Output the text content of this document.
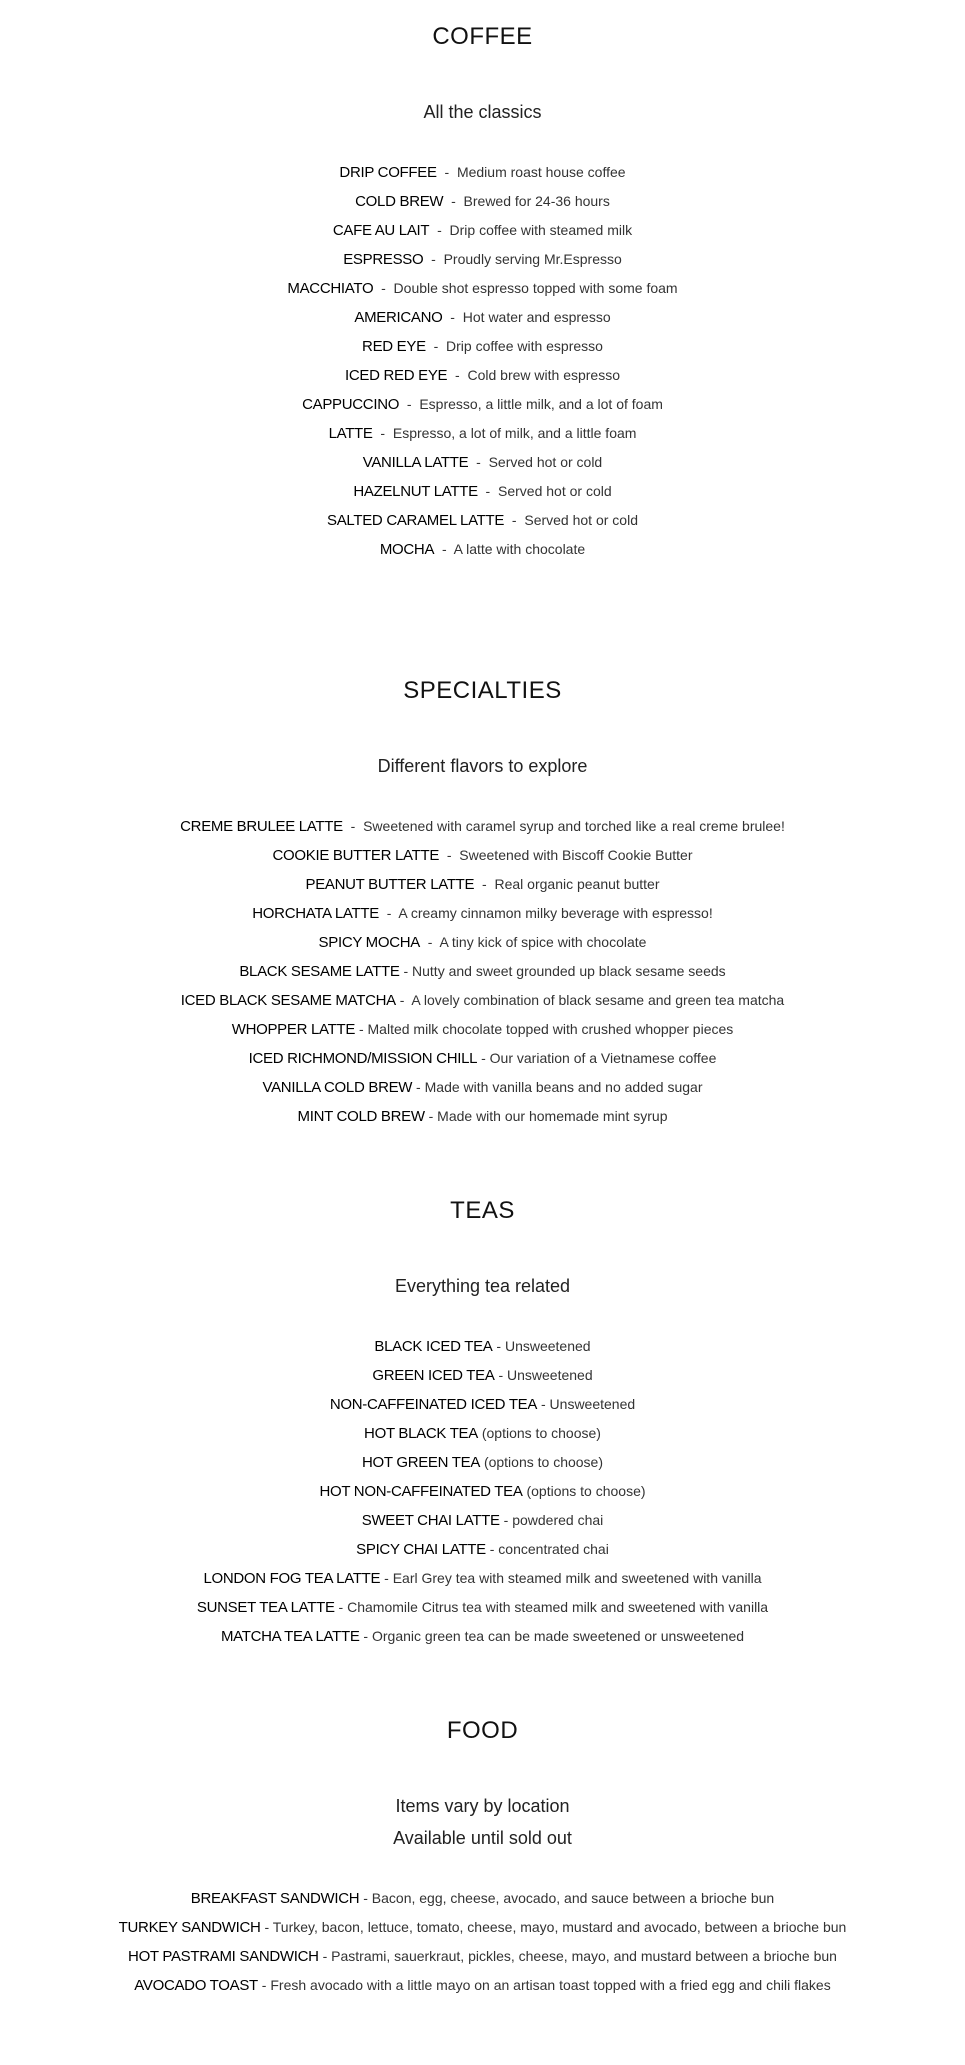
COFFEE

All the classics

DRIP COFFEE  -  Medium roast house coffee
COLD BREW  -  Brewed for 24-36 hours
CAFE AU LAIT  -  Drip coffee with steamed milk
ESPRESSO  -  Proudly serving Mr.Espresso
MACCHIATO  -  Double shot espresso topped with some foam
AMERICANO  -  Hot water and espresso
RED EYE  -  Drip coffee with espresso
ICED RED EYE  -  Cold brew with espresso
CAPPUCCINO  -  Espresso, a little milk, and a lot of foam
LATTE  -  Espresso, a lot of milk, and a little foam
VANILLA LATTE  -  Served hot or cold
HAZELNUT LATTE  -  Served hot or cold
SALTED CARAMEL LATTE  -  Served hot or cold
MOCHA  -  A latte with chocolate
SPECIALTIES

Different flavors to explore

CREME BRULEE LATTE  -  Sweetened with caramel syrup and torched like a real creme brulee!
COOKIE BUTTER LATTE  -  Sweetened with Biscoff Cookie Butter
PEANUT BUTTER LATTE  -  Real organic peanut butter
HORCHATA LATTE  -  A creamy cinnamon milky beverage with espresso!
SPICY MOCHA  -  A tiny kick of spice with chocolate
BLACK SESAME LATTE - Nutty and sweet grounded up black sesame seeds
ICED BLACK SESAME MATCHA -  A lovely combination of black sesame and green tea matcha
WHOPPER LATTE - Malted milk chocolate topped with crushed whopper pieces
ICED RICHMOND/MISSION CHILL - Our variation of a Vietnamese coffee
VANILLA COLD BREW - Made with vanilla beans and no added sugar
MINT COLD BREW - Made with our homemade mint syrup
TEAS

Everything tea related

BLACK ICED TEA - Unsweetened
GREEN ICED TEA - Unsweetened
NON-CAFFEINATED ICED TEA - Unsweetened
HOT BLACK TEA (options to choose)
HOT GREEN TEA (options to choose)
HOT NON-CAFFEINATED TEA (options to choose)
SWEET CHAI LATTE - powdered chai
SPICY CHAI LATTE - concentrated chai
LONDON FOG TEA LATTE - Earl Grey tea with steamed milk and sweetened with vanilla
SUNSET TEA LATTE - Chamomile Citrus tea with steamed milk and sweetened with vanilla
MATCHA TEA LATTE - Organic green tea can be made sweetened or unsweetened
FOOD

Items vary by location

Available until sold out

BREAKFAST SANDWICH - Bacon, egg, cheese, avocado, and sauce between a brioche bun
TURKEY SANDWICH - Turkey, bacon, lettuce, tomato, cheese, mayo, mustard and avocado, between a brioche bun
HOT PASTRAMI SANDWICH - Pastrami, sauerkraut, pickles, cheese, mayo, and mustard between a brioche bun
AVOCADO TOAST - Fresh avocado with a little mayo on an artisan toast topped with a fried egg and chili flakes
